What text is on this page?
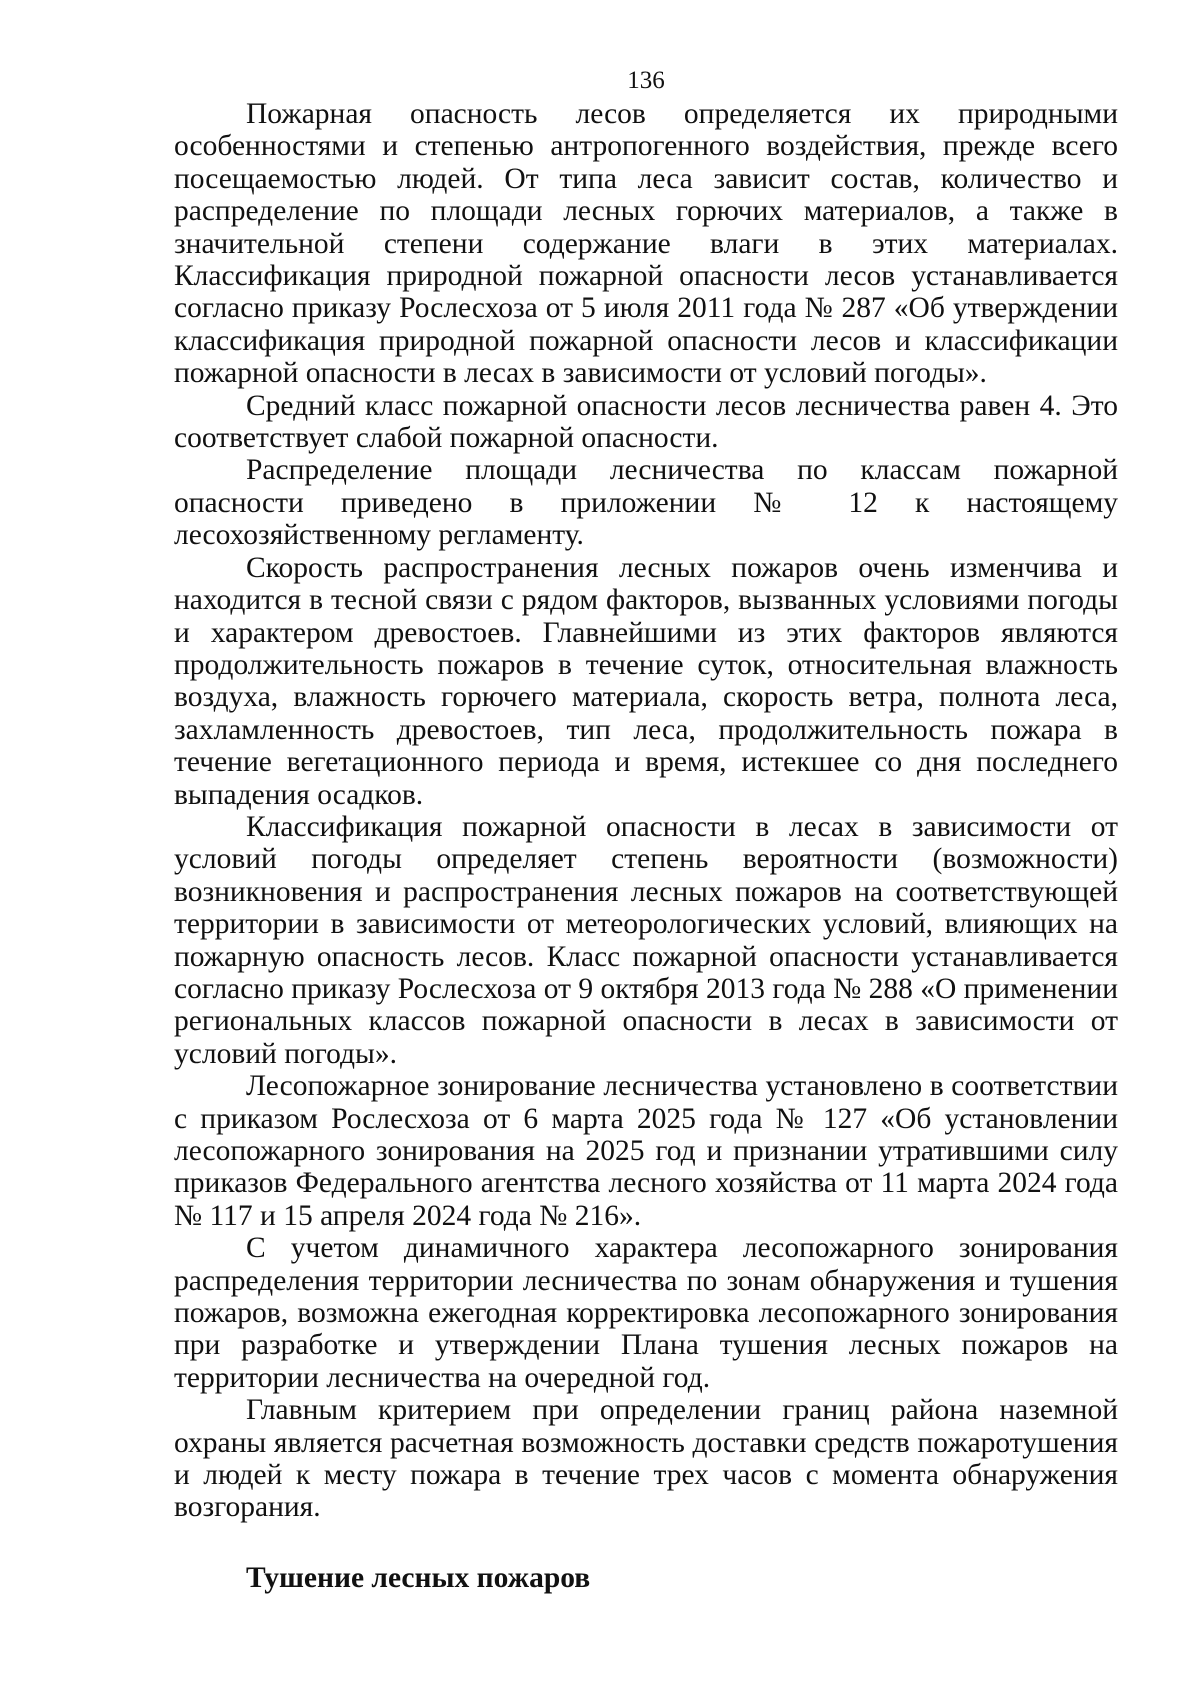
136

Пожарная опасность лесов определяется их природными особенностями и степенью антропогенного воздействия, прежде всего посещаемостью людей. От типа леса зависит состав, количество и распределение по площади лесных горючих материалов, а также в значительной степени содержание влаги в этих материалах. Классификация природной пожарной опасности лесов устанавливается согласно приказу Рослесхоза от 5 июля 2011 года № 287 «Об утверждении классификация природной пожарной опасности лесов и классификации пожарной опасности в лесах в зависимости от условий погоды».

Средний класс пожарной опасности лесов лесничества равен 4. Это соответствует слабой пожарной опасности.

Распределение площади лесничества по классам пожарной опасности приведено в приложении № 12 к настоящему лесохозяйственному регламенту.

Скорость распространения лесных пожаров очень изменчива и находится в тесной связи с рядом факторов, вызванных условиями погоды и характером древостоев. Главнейшими из этих факторов являются продолжительность пожаров в течение суток, относительная влажность воздуха, влажность горючего материала, скорость ветра, полнота леса, захламленность древостоев, тип леса, продолжительность пожара в течение вегетационного периода и время, истекшее со дня последнего выпадения осадков.

Классификация пожарной опасности в лесах в зависимости от условий погоды определяет степень вероятности (возможности) возникновения и распространения лесных пожаров на соответствующей территории в зависимости от метеорологических условий, влияющих на пожарную опасность лесов. Класс пожарной опасности устанавливается согласно приказу Рослесхоза от 9 октября 2013 года № 288 «О применении региональных классов пожарной опасности в лесах в зависимости от условий погоды».

Лесопожарное зонирование лесничества установлено в соответствии с приказом Рослесхоза от 6 марта 2025 года № 127 «Об установлении лесопожарного зонирования на 2025 год и признании утратившими силу приказов Федерального агентства лесного хозяйства от 11 марта 2024 года № 117 и 15 апреля 2024 года № 216».

С учетом динамичного характера лесопожарного зонирования распределения территории лесничества по зонам обнаружения и тушения пожаров, возможна ежегодная корректировка лесопожарного зонирования при разработке и утверждении Плана тушения лесных пожаров на территории лесничества на очередной год.

Главным критерием при определении границ района наземной охраны является расчетная возможность доставки средств пожаротушения и людей к месту пожара в течение трех часов с момента обнаружения возгорания.

Тушение лесных пожаров
